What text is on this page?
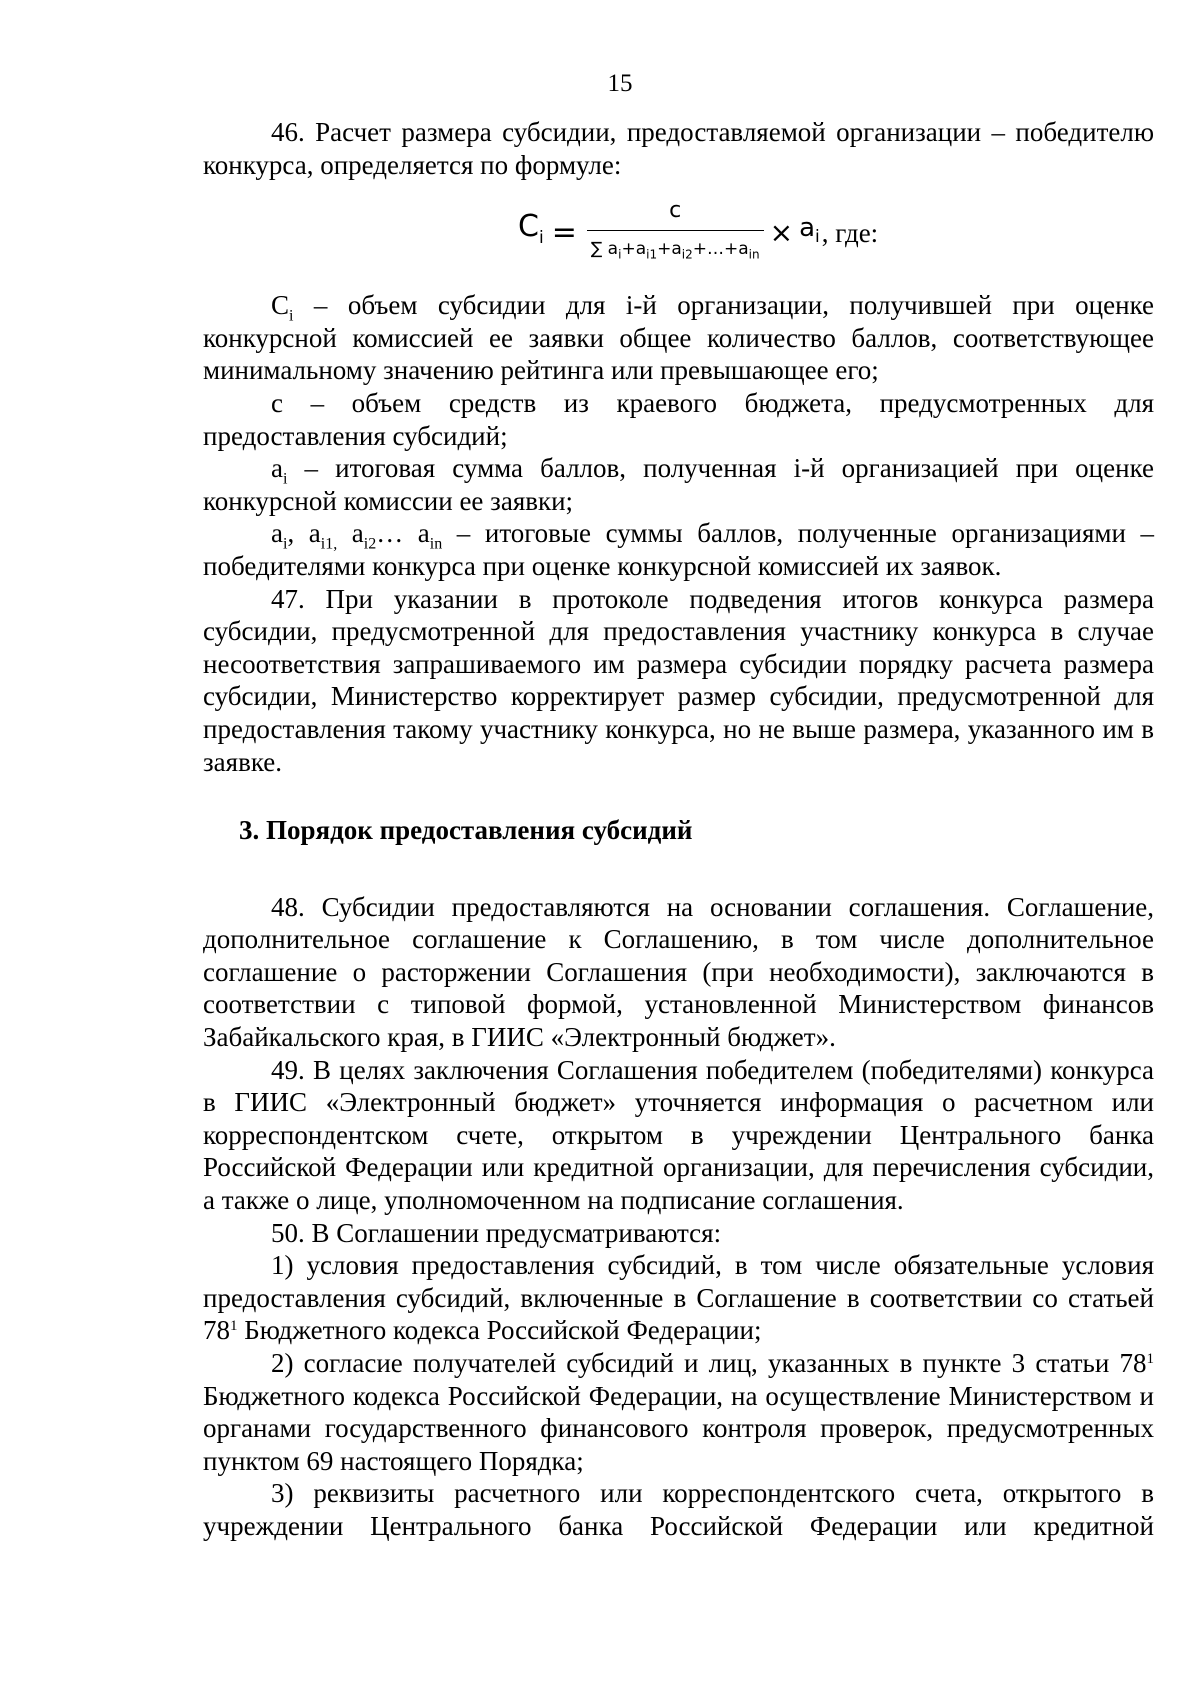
15

46. Расчет размера субсидии, предоставляемой организации – победителю конкурса, определяется по формуле:

$C_i = \frac{c}{\sum a_i+a_{i1}+a_{i2}+\dots+a_{in}} \times a_i$ , где:

$C_i$ – объем субсидии для i-й организации, получившей при оценке конкурсной комиссией ее заявки общее количество баллов, соответствующее минимальному значению рейтинга или превышающее его;

c – объем средств из краевого бюджета, предусмотренных для предоставления субсидий;

$a_i$ – итоговая сумма баллов, полученная i-й организацией при оценке конкурсной комиссии ее заявки;

$a_i$, $a_{i1,}$ $a_{i2}\dots$ $a_{in}$ – итоговые суммы баллов, полученные организациями – победителями конкурса при оценке конкурсной комиссией их заявок.

47. При указании в протоколе подведения итогов конкурса размера субсидии, предусмотренной для предоставления участнику конкурса в случае несоответствия запрашиваемого им размера субсидии порядку расчета размера субсидии, Министерство корректирует размер субсидии, предусмотренной для предоставления такому участнику конкурса, но не выше размера, указанного им в заявке.

3. Порядок предоставления субсидий

48. Субсидии предоставляются на основании соглашения. Соглашение, дополнительное соглашение к Соглашению, в том числе дополнительное соглашение о расторжении Соглашения (при необходимости), заключаются в соответствии с типовой формой, установленной Министерством финансов Забайкальского края, в ГИИС «Электронный бюджет».

49. В целях заключения Соглашения победителем (победителями) конкурса в ГИИС «Электронный бюджет» уточняется информация о расчетном или корреспондентском счете, открытом в учреждении Центрального банка Российской Федерации или кредитной организации, для перечисления субсидии, а также о лице, уполномоченном на подписание соглашения.

50. В Соглашении предусматриваются:

1) условия предоставления субсидий, в том числе обязательные условия предоставления субсидий, включенные в Соглашение в соответствии со статьей $78^1$ Бюджетного кодекса Российской Федерации;

2) согласие получателей субсидий и лиц, указанных в пункте 3 статьи $78^1$ Бюджетного кодекса Российской Федерации, на осуществление Министерством и органами государственного финансового контроля проверок, предусмотренных пунктом 69 настоящего Порядка;

3) реквизиты расчетного или корреспондентского счета, открытого в учреждении Центрального банка Российской Федерации или кредитной
